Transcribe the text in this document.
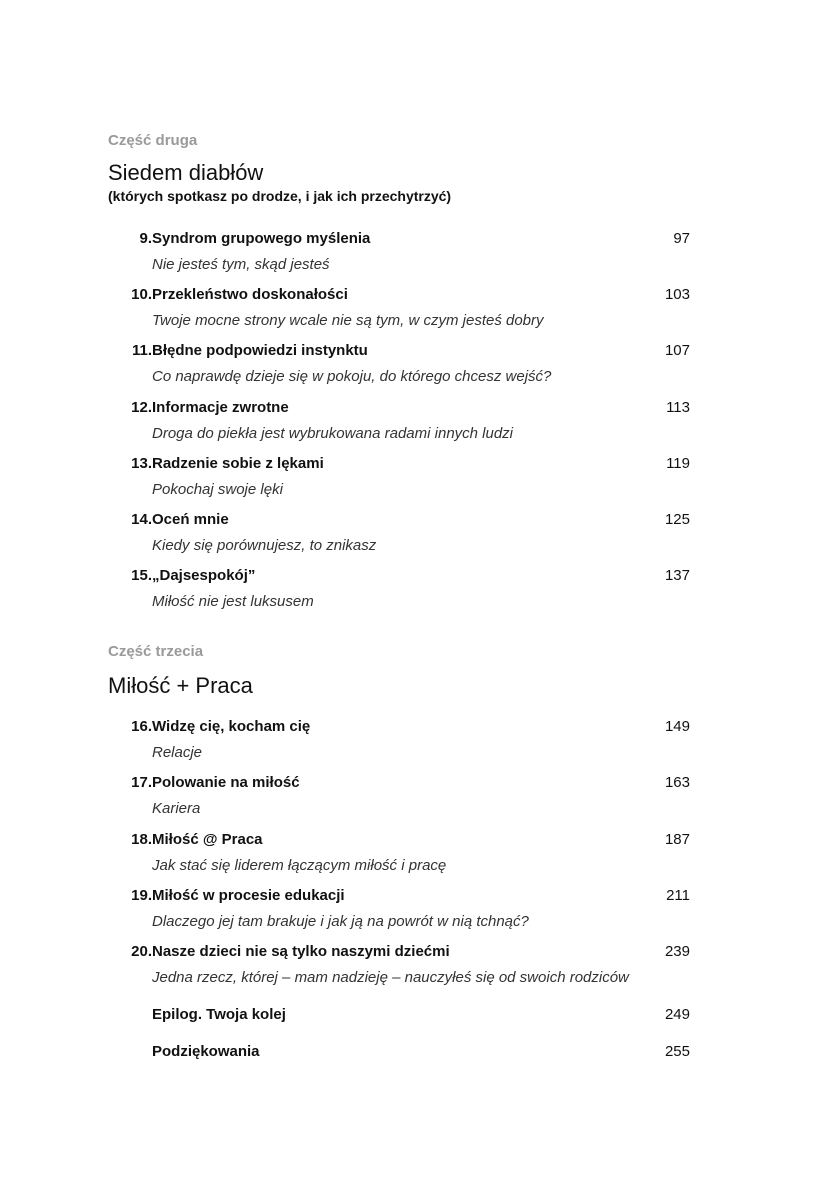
Część druga
Siedem diabłów
(których spotkasz po drodze, i jak ich przechytrzyć)
9. Syndrom grupowego myślenia	97
Nie jesteś tym, skąd jesteś
10. Przekleństwo doskonałości	103
Twoje mocne strony wcale nie są tym, w czym jesteś dobry
11. Błędne podpowiedzi instynktu	107
Co naprawdę dzieje się w pokoju, do którego chcesz wejść?
12. Informacje zwrotne	113
Droga do piekła jest wybrukowana radami innych ludzi
13. Radzenie sobie z lękami	119
Pokochaj swoje lęki
14. Oceń mnie	125
Kiedy się porównujesz, to znikasz
15. „Dajsespokój”	137
Miłość nie jest luksusem
Część trzecia
Miłość + Praca
16. Widzę cię, kocham cię	149
Relacje
17. Polowanie na miłość	163
Kariera
18. Miłość @ Praca	187
Jak stać się liderem łączącym miłość i pracę
19. Miłość w procesie edukacji	211
Dlaczego jej tam brakuje i jak ją na powrót w nią tchnąć?
20. Nasze dzieci nie są tylko naszymi dziećmi	239
Jedna rzecz, której – mam nadzieję – nauczyłeś się od swoich rodziców
Epilog. Twoja kolej	249
Podziękowania	255
